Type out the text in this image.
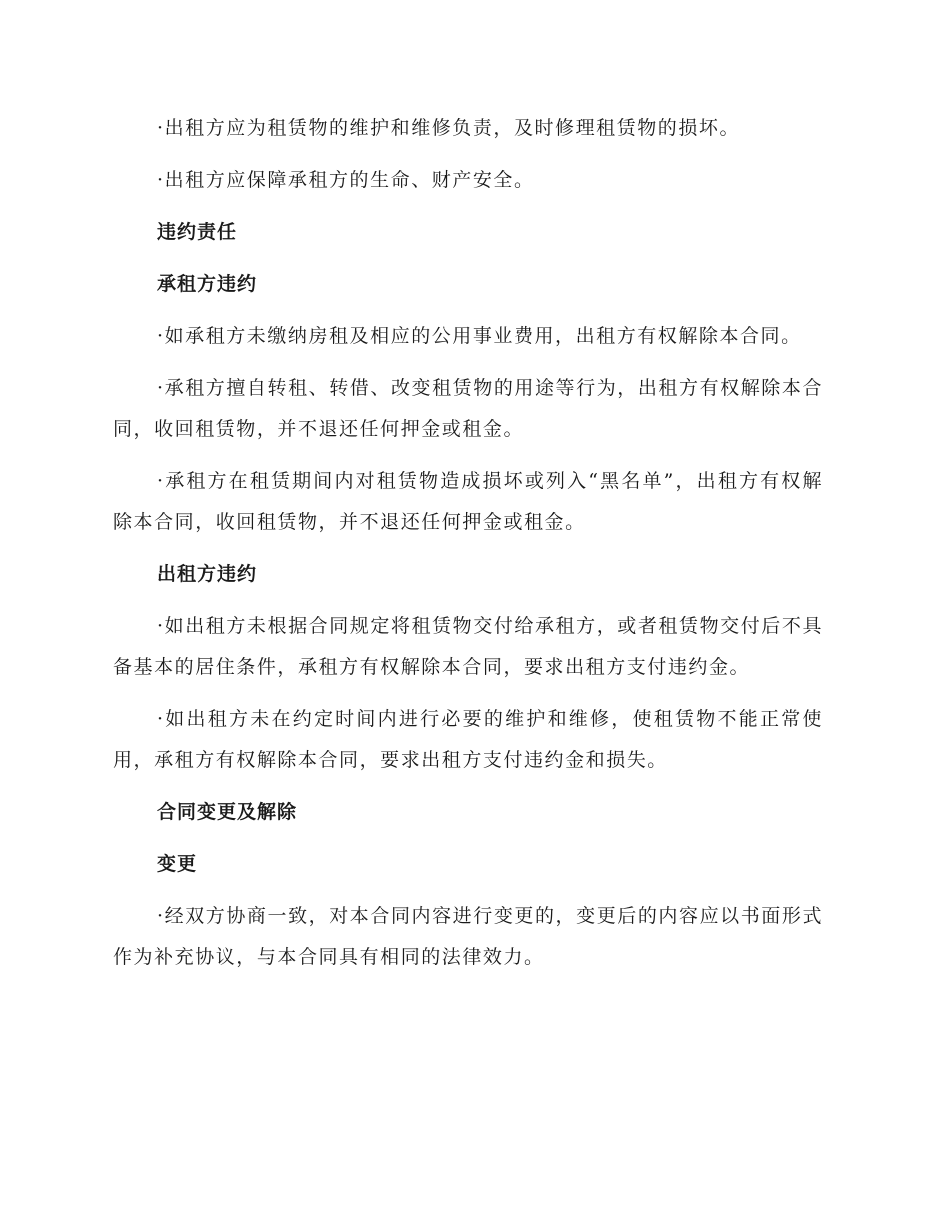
·出租方应为租赁物的维护和维修负责，及时修理租赁物的损坏。

·出租方应保障承租方的生命、财产安全。

违约责任
承租方违约

·如承租方未缴纳房租及相应的公用事业费用，出租方有权解除本合同。

·承租方擅自转租、转借、改变租赁物的用途等行为，出租方有权解除本合同，收回租赁物，并不退还任何押金或租金。

·承租方在租赁期间内对租赁物造成损坏或列入“黑名单”，出租方有权解除本合同，收回租赁物，并不退还任何押金或租金。

出租方违约

·如出租方未根据合同规定将租赁物交付给承租方，或者租赁物交付后不具备基本的居住条件，承租方有权解除本合同，要求出租方支付违约金。

·如出租方未在约定时间内进行必要的维护和维修，使租赁物不能正常使用，承租方有权解除本合同，要求出租方支付违约金和损失。

合同变更及解除
变更

·经双方协商一致，对本合同内容进行变更的，变更后的内容应以书面形式作为补充协议，与本合同具有相同的法律效力。
